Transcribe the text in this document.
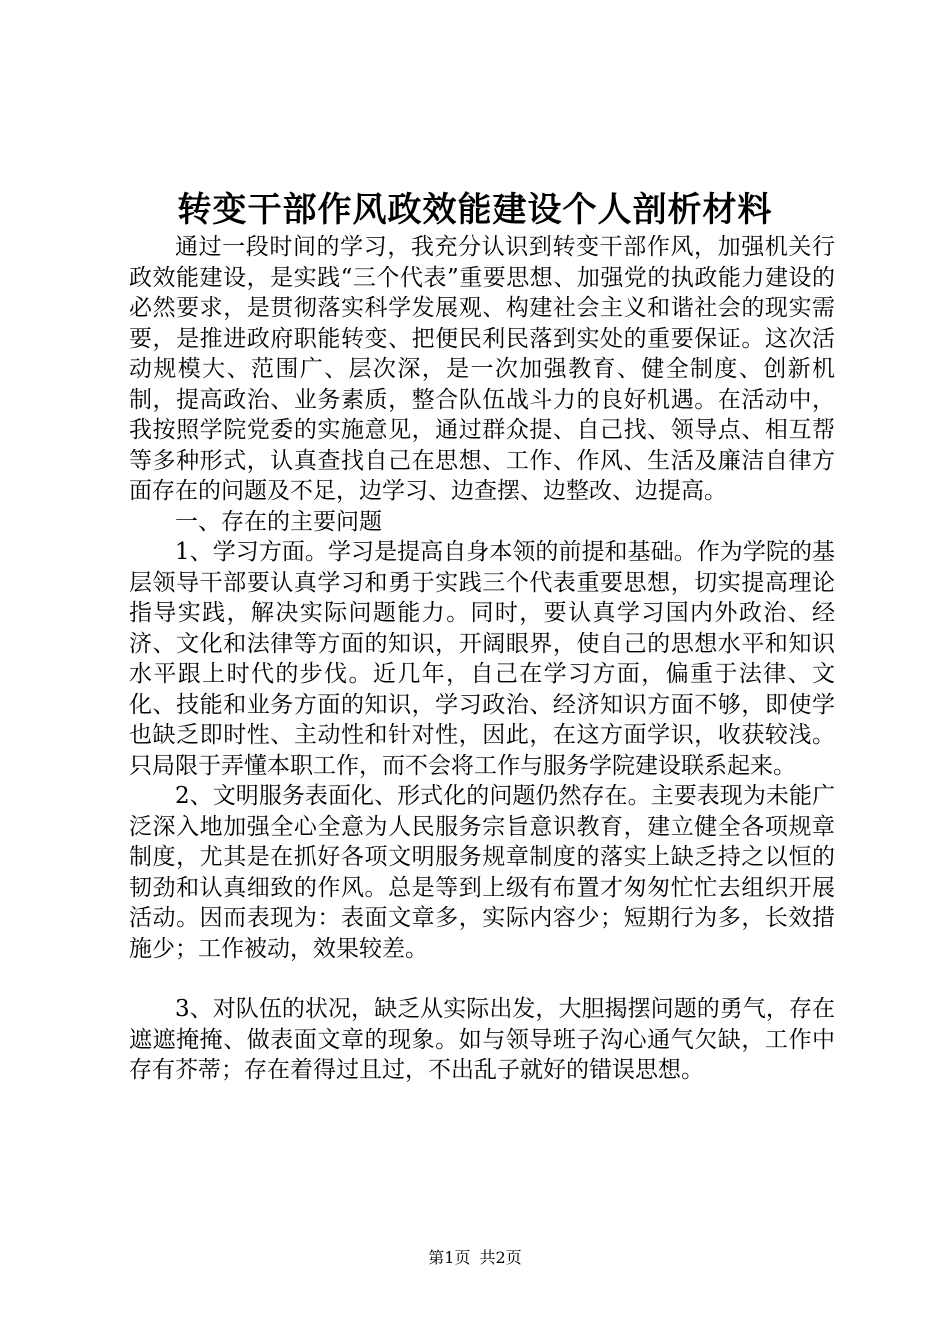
转变干部作风政效能建设个人剖析材料

通过一段时间的学习，我充分认识到转变干部作风，加强机关行政效能建设，是实践“三个代表”重要思想、加强党的执政能力建设的必然要求，是贯彻落实科学发展观、构建社会主义和谐社会的现实需要，是推进政府职能转变、把便民利民落到实处的重要保证。这次活动规模大、范围广、层次深，是一次加强教育、健全制度、创新机制，提高政治、业务素质，整合队伍战斗力的良好机遇。在活动中，我按照学院党委的实施意见，通过群众提、自己找、领导点、相互帮等多种形式，认真查找自己在思想、工作、作风、生活及廉洁自律方面存在的问题及不足，边学习、边查摆、边整改、边提高。

一、存在的主要问题

1、学习方面。学习是提高自身本领的前提和基础。作为学院的基层领导干部要认真学习和勇于实践三个代表重要思想，切实提高理论指导实践，解决实际问题能力。同时，要认真学习国内外政治、经济、文化和法律等方面的知识，开阔眼界，使自己的思想水平和知识水平跟上时代的步伐。近几年，自己在学习方面，偏重于法律、文化、技能和业务方面的知识，学习政治、经济知识方面不够，即使学也缺乏即时性、主动性和针对性，因此，在这方面学识，收获较浅。只局限于弄懂本职工作，而不会将工作与服务学院建设联系起来。

2、文明服务表面化、形式化的问题仍然存在。主要表现为未能广泛深入地加强全心全意为人民服务宗旨意识教育，建立健全各项规章制度，尤其是在抓好各项文明服务规章制度的落实上缺乏持之以恒的韧劲和认真细致的作风。总是等到上级有布置才匆匆忙忙去组织开展活动。因而表现为：表面文章多，实际内容少；短期行为多，长效措施少；工作被动，效果较差。

3、对队伍的状况，缺乏从实际出发，大胆揭摆问题的勇气，存在遮遮掩掩、做表面文章的现象。如与领导班子沟心通气欠缺，工作中存有芥蒂；存在着得过且过，不出乱子就好的错误思想。

第1页 共2页
